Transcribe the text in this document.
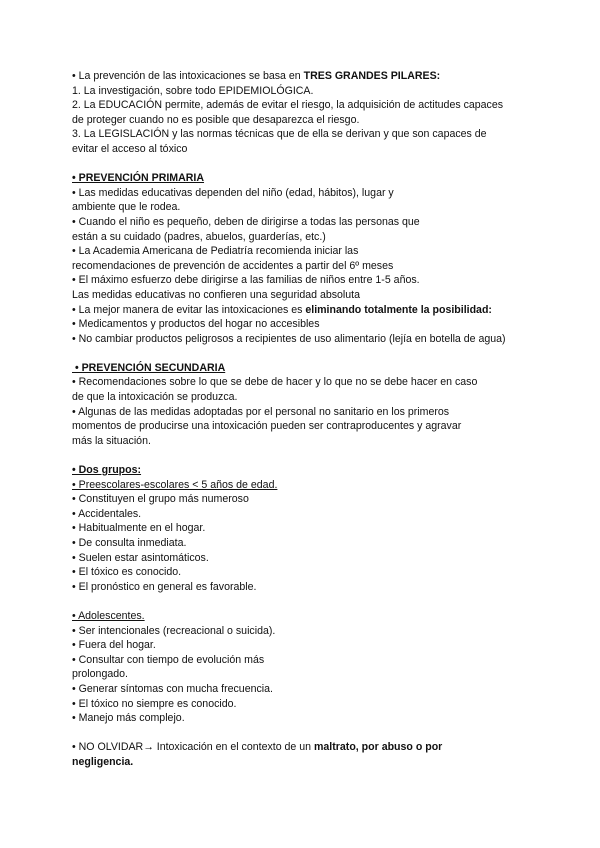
• La prevención de las intoxicaciones se basa en TRES GRANDES PILARES:
1. La investigación, sobre todo EPIDEMIOLÓGICA.
2. La EDUCACIÓN permite, además de evitar el riesgo, la adquisición de actitudes capaces
de proteger cuando no es posible que desaparezca el riesgo.
3. La LEGISLACIÓN y las normas técnicas que de ella se derivan y que son capaces de
evitar el acceso al tóxico
• PREVENCIÓN PRIMARIA
• Las medidas educativas dependen del niño (edad, hábitos), lugar y
ambiente que le rodea.
• Cuando el niño es pequeño, deben de dirigirse a todas las personas que
están a su cuidado (padres, abuelos, guarderías, etc.)
• La Academia Americana de Pediatría recomienda iniciar las
recomendaciones de prevención de accidentes a partir del 6º meses
• El máximo esfuerzo debe dirigirse a las familias de niños entre 1-5 años.
Las medidas educativas no confieren una seguridad absoluta
• La mejor manera de evitar las intoxicaciones es eliminando totalmente la posibilidad:
• Medicamentos y productos del hogar no accesibles
• No cambiar productos peligrosos a recipientes de uso alimentario (lejía en botella de agua)
• PREVENCIÓN SECUNDARIA
• Recomendaciones sobre lo que se debe de hacer y lo que no se debe hacer en caso
de que la intoxicación se produzca.
• Algunas de las medidas adoptadas por el personal no sanitario en los primeros
momentos de producirse una intoxicación pueden ser contraproducentes y agravar
más la situación.
• Dos grupos:
• Preescolares-escolares < 5 años de edad.
• Constituyen el grupo más numeroso
• Accidentales.
• Habitualmente en el hogar.
• De consulta inmediata.
• Suelen estar asintomáticos.
• El tóxico es conocido.
• El pronóstico en general es favorable.
• Adolescentes.
• Ser intencionales (recreacional o suicida).
• Fuera del hogar.
• Consultar con tiempo de evolución más
prolongado.
• Generar síntomas con mucha frecuencia.
• El tóxico no siempre es conocido.
• Manejo más complejo.
• NO OLVIDAR→ Intoxicación en el contexto de un maltrato, por abuso o por
negligencia.
